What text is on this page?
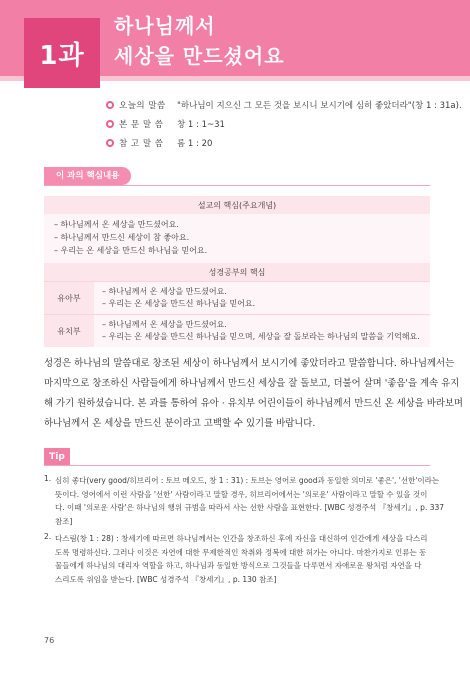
1과
하나님께서
세상을 만드셨어요
오늘의 말씀	"하나님이 지으신 그 모든 것을 보시니 보시기에 심히 좋았더라"(창 1 : 31a).
본 문 말 씀	창 1 : 1~31
참 고 말 씀	롬 1 : 20
이 과의 핵심내용
설교의 핵심(주요개념)
– 하나님께서 온 세상을 만드셨어요.
– 하나님께서 만드신 세상이 참 좋아요.
– 우리는 온 세상을 만드신 하나님을 믿어요.
성경공부의 핵심
유아부
– 하나님께서 온 세상을 만드셨어요.
– 우리는 온 세상을 만드신 하나님을 믿어요.
유치부
– 하나님께서 온 세상을 만드셨어요.
– 우리는 온 세상을 만드신 하나님을 믿으며, 세상을 잘 돌보라는 하나님의 말씀을 기억해요.
성경은 하나님의 말씀대로 창조된 세상이 하나님께서 보시기에 좋았더라고 말씀합니다. 하나님께서는
마지막으로 창조하신 사람들에게 하나님께서 만드신 세상을 잘 돌보고, 더불어 살며 '좋음'을 계속 유지
해 가기 원하셨습니다. 본 과를 통하여 유아 · 유치부 어린이들이 하나님께서 만드신 온 세상을 바라보며
하나님께서 온 세상을 만드신 분이라고 고백할 수 있기를 바랍니다.
Tip
1. 심히 좋다(very good/히브리어 : 토브 메오드, 창 1 : 31) : 토브는 영어로 good과 동일한 의미로 '좋은', '선한'이라는
뜻이다. 영어에서 이런 사람을 '선한' 사람이라고 말할 경우, 히브리어에서는 '의로운' 사람이라고 말할 수 있을 것이
다. 이때 '의로운 사람'은 하나님의 행위 규범을 따라서 사는 선한 사람을 표현한다. [WBC 성경주석 『창세기』, p. 337
참조]
2. 다스림(창 1 : 28) : 창세기에 따르면 하나님께서는 인간을 창조하신 후에 자신을 대신하여 인간에게 세상을 다스리
도록 명령하신다. 그러나 이것은 자연에 대한 무제한적인 착취와 정복에 대한 허가는 아니다. 마찬가지로 인류는 동
물들에게 하나님의 대리자 역할을 하고, 하나님과 동일한 방식으로 그것들을 다루면서 자애로운 왕처럼 자연을 다
스리도록 위임을 받는다. [WBC 성경주석 『창세기』, p. 130 참조]
76
